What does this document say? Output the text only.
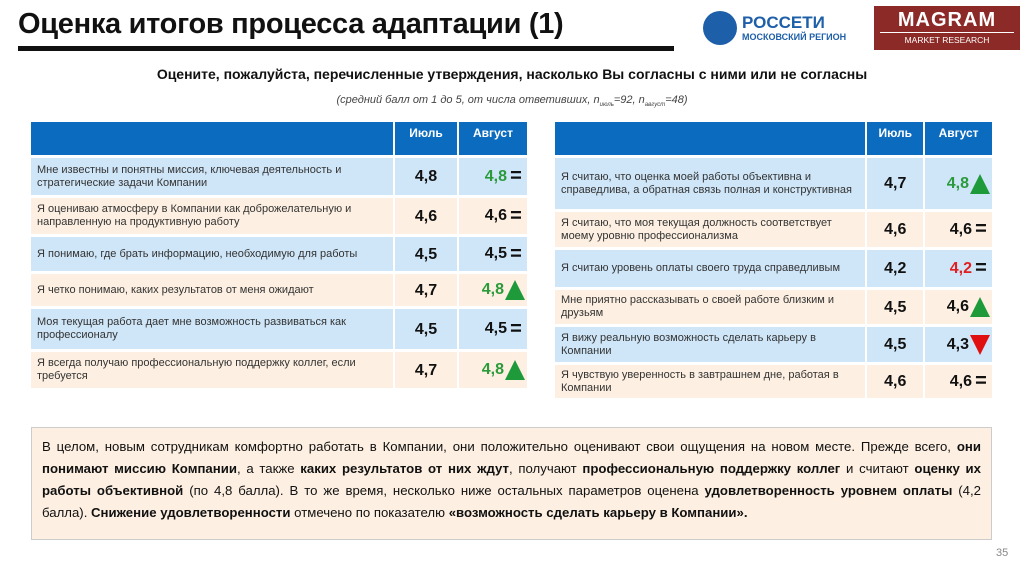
Оценка итогов процесса адаптации (1)	РОССЕТИ
МОСКОВСКИЙ РЕГИОН
MAGRAM
MARKET RESEARCH
Оцените, пожалуйста, перечисленные утверждения, насколько Вы согласны с ними или не согласны
(средний балл от 1 до 5, от числа ответивших, $n_{июль}=92$, $n_{август}=48$)
	Июль	Август
Мне известны и понятны миссия, ключевая деятельность и стратегические задачи Компании	4,8	4,8 =
Я оцениваю атмосферу в Компании как доброжелательную и направленную на продуктивную работу	4,6	4,6 =
Я понимаю, где брать информацию, необходимую для работы	4,5	4,5 =
Я четко понимаю, каких результатов от меня ожидают	4,7	4,8
Моя текущая работа дает мне возможность развиваться как профессионалу	4,5	4,5 =
Я всегда получаю профессиональную поддержку коллег, если требуется	4,7	4,8
	Июль	Август
Я считаю, что оценка моей работы объективна и справедлива, а обратная связь полная и конструктивная	4,7	4,8
Я считаю, что моя текущая должность соответствует моему уровню профессионализма	4,6	4,6 =
Я считаю уровень оплаты своего труда справедливым	4,2	4,2 =
Мне приятно рассказывать о своей работе близким и друзьям	4,5	4,6
Я вижу реальную возможность сделать карьеру в Компании	4,5	4,3
Я чувствую уверенность в завтрашнем дне, работая в Компании	4,6	4,6 =
В целом, новым сотрудникам комфортно работать в Компании, они положительно оценивают свои ощущения на новом месте. Прежде всего, они понимают миссию Компании, а также каких результатов от них ждут, получают профессиональную поддержку коллег и считают оценку их работы объективной (по 4,8 балла). В то же время, несколько ниже остальных параметров оценена удовлетворенность уровнем оплаты (4,2 балла). Снижение удовлетворенности отмечено по показателю «возможность сделать карьеру в Компании».
35
